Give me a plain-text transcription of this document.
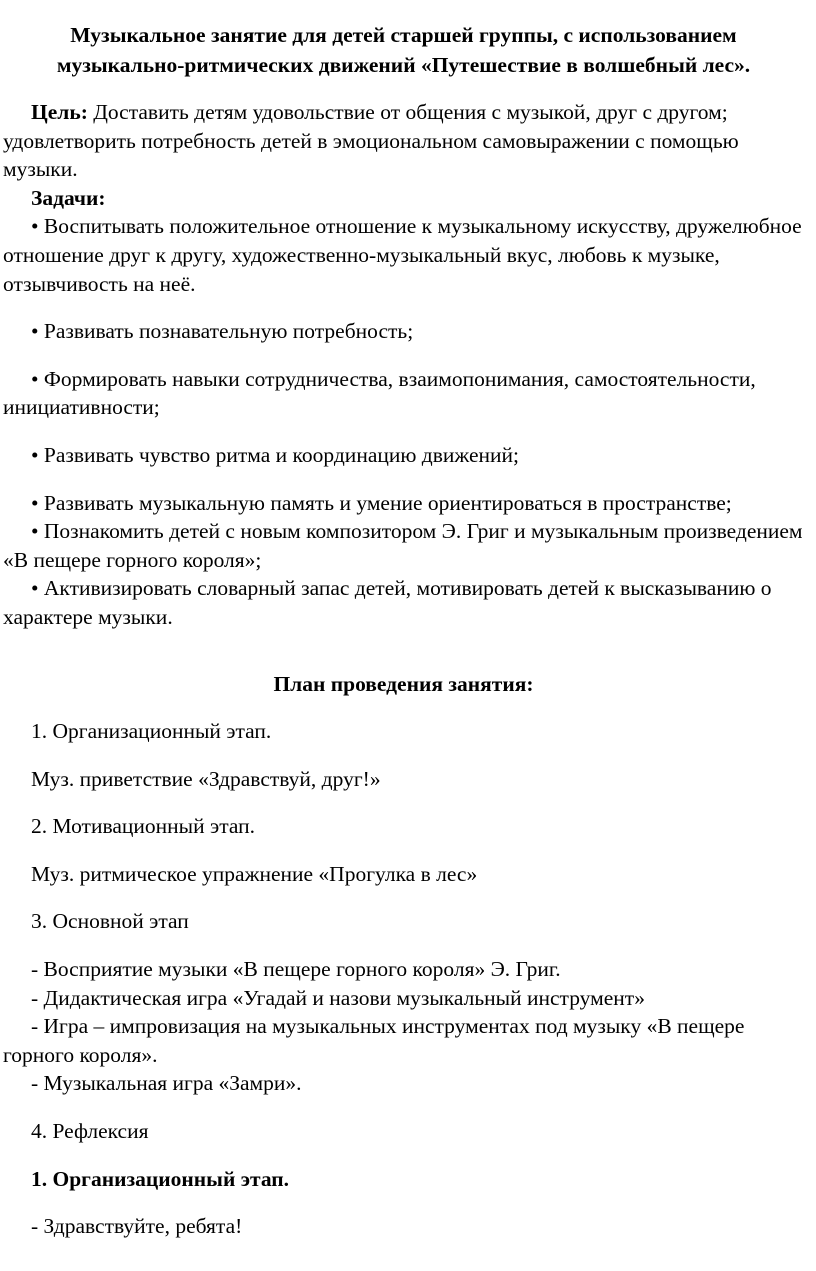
Музыкальное занятие для детей старшей группы, с использованием

музыкально-ритмических движений «Путешествие в волшебный лес».

Цель: Доставить детям удовольствие от общения с музыкой, друг с другом; удовлетворить потребность детей в эмоциональном самовыражении с помощью музыки.

Задачи:

• Воспитывать положительное отношение к музыкальному искусству, дружелюбное отношение друг к другу, художественно-музыкальный вкус, любовь к музыке, отзывчивость на неё.

• Развивать познавательную потребность;

• Формировать навыки сотрудничества, взаимопонимания, самостоятельности, инициативности;

• Развивать чувство ритма и координацию движений;

• Развивать музыкальную память и умение ориентироваться в пространстве;

• Познакомить детей с новым композитором Э. Григ и музыкальным произведением «В пещере горного короля»;

• Активизировать словарный запас детей, мотивировать детей к высказыванию о характере музыки.

План проведения занятия:

1. Организационный этап.

Муз. приветствие «Здравствуй, друг!»

2. Мотивационный этап.

Муз. ритмическое упражнение «Прогулка в лес»

3. Основной этап

- Восприятие музыки «В пещере горного короля» Э. Григ.

- Дидактическая игра «Угадай и назови музыкальный инструмент»

- Игра – импровизация на музыкальных инструментах под музыку «В пещере горного короля».

- Музыкальная игра «Замри».

4. Рефлексия

1. Организационный этап.

- Здравствуйте, ребята!
